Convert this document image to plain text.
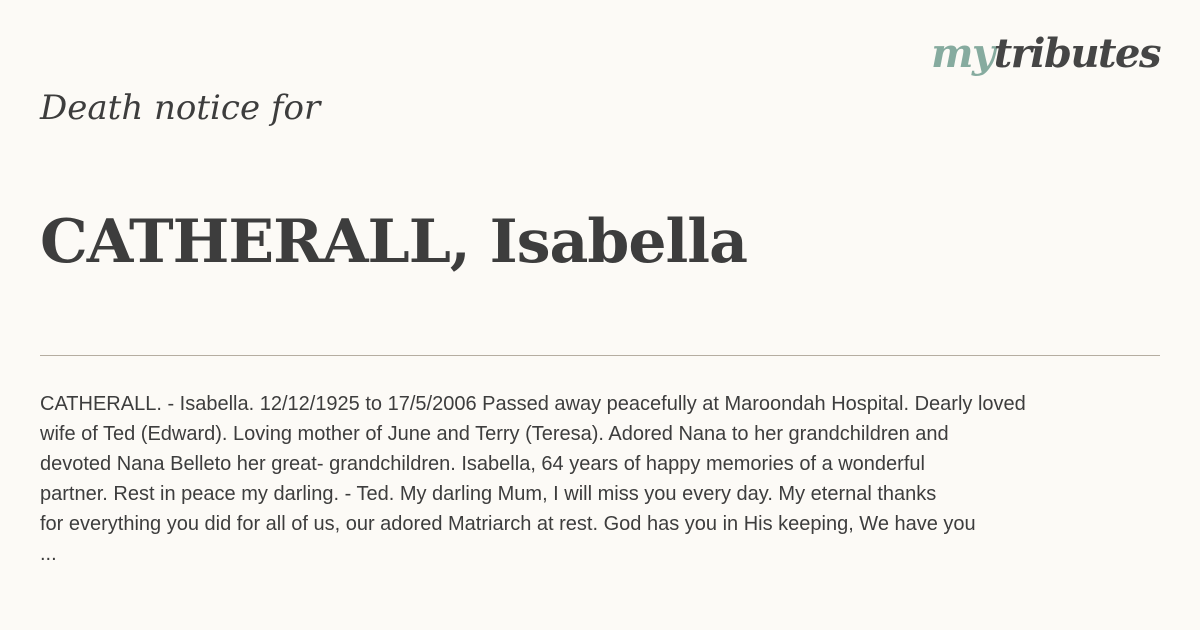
mytributes
Death notice for
CATHERALL, Isabella

CATHERALL. - Isabella. 12/12/1925 to 17/5/2006 Passed away peacefully at Maroondah Hospital. Dearly loved
wife of Ted (Edward). Loving mother of June and Terry (Teresa). Adored Nana to her grandchildren and
devoted Nana Belleto her great- grandchildren. Isabella, 64 years of happy memories of a wonderful
partner. Rest in peace my darling. - Ted. My darling Mum, I will miss you every day. My eternal thanks
for everything you did for all of us, our adored Matriarch at rest. God has you in His keeping, We have you
...
